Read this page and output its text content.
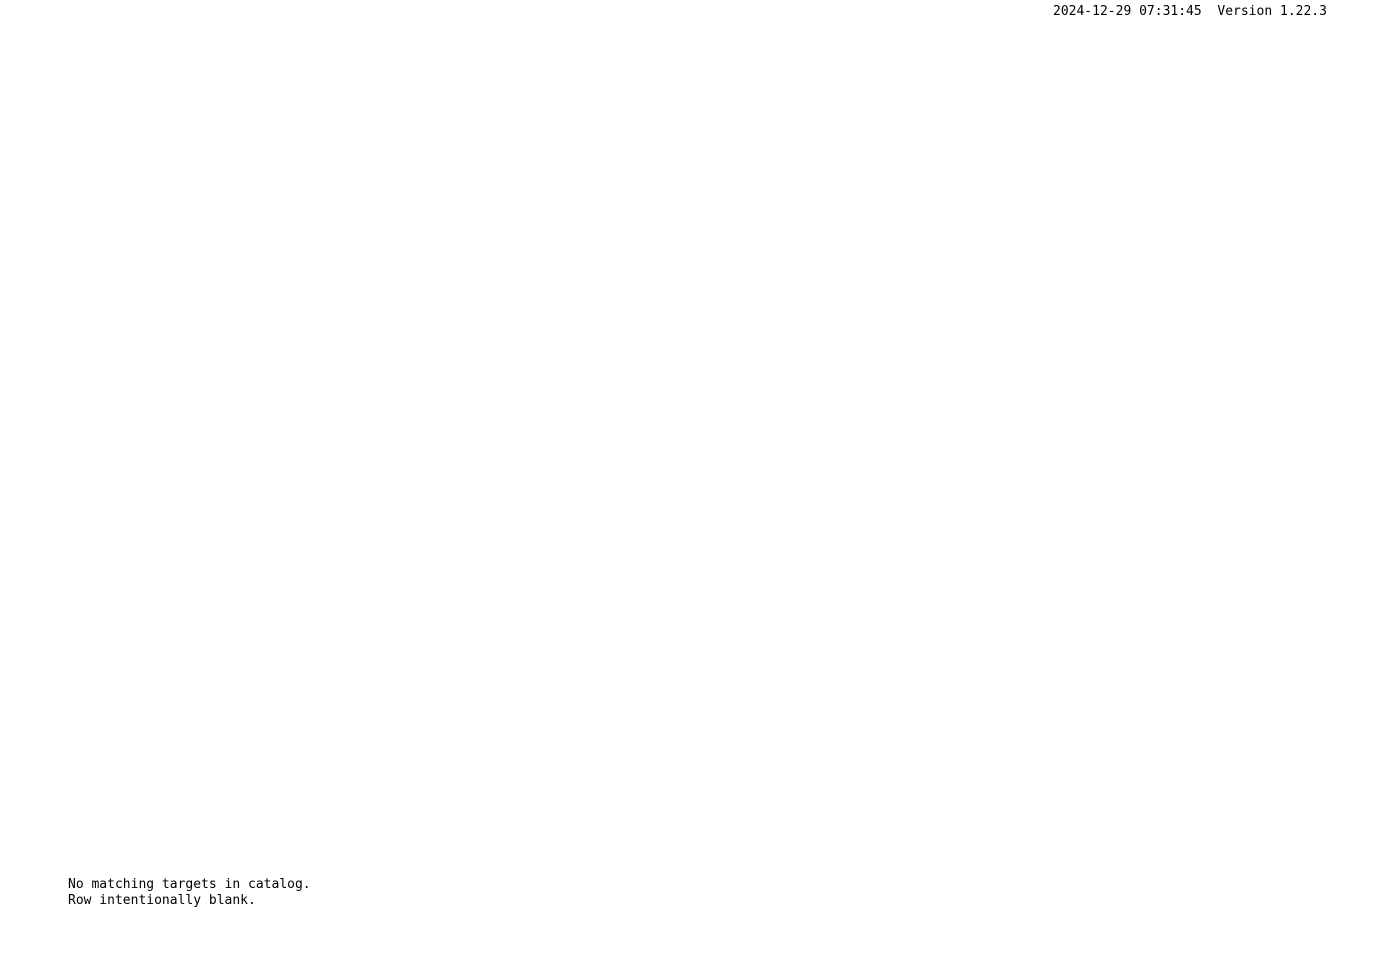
2024-12-29 07:31:45 Version 1.22.3
No matching targets in catalog.
Row intentionally blank.
